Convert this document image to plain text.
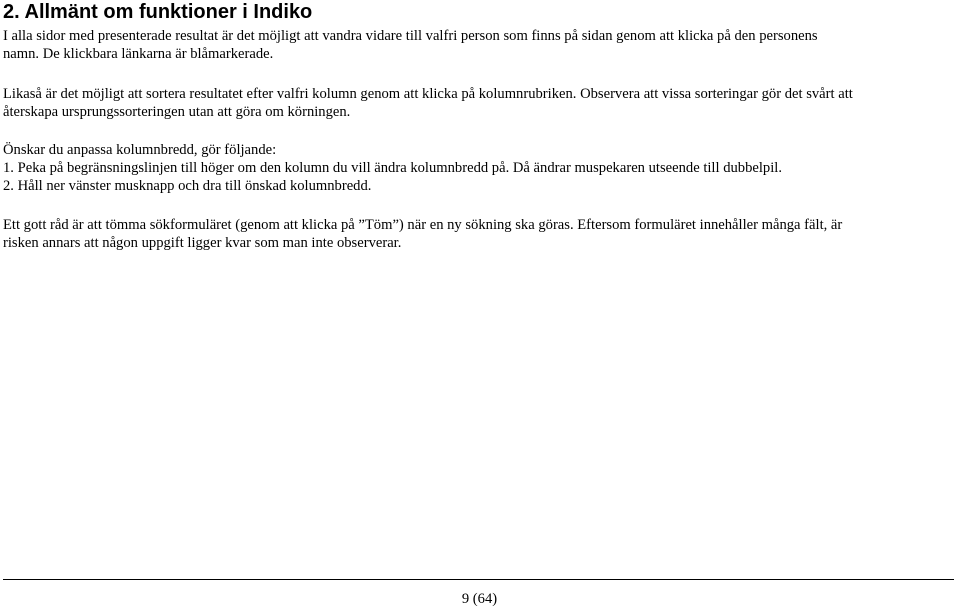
2. Allmänt om funktioner i Indiko

I alla sidor med presenterade resultat är det möjligt att vandra vidare till valfri person som finns på sidan genom att klicka på den personens

namn. De klickbara länkarna är blåmarkerade.

Likaså är det möjligt att sortera resultatet efter valfri kolumn genom att klicka på kolumnrubriken. Observera att vissa sorteringar gör det svårt att

återskapa ursprungssorteringen utan att göra om körningen.

Önskar du anpassa kolumnbredd, gör följande:

1. Peka på begränsningslinjen till höger om den kolumn du vill ändra kolumnbredd på. Då ändrar muspekaren utseende till dubbelpil.

2. Håll ner vänster musknapp och dra till önskad kolumnbredd.

Ett gott råd är att tömma sökformuläret (genom att klicka på ”Töm”) när en ny sökning ska göras. Eftersom formuläret innehåller många fält, är

risken annars att någon uppgift ligger kvar som man inte observerar.

9 (64)
